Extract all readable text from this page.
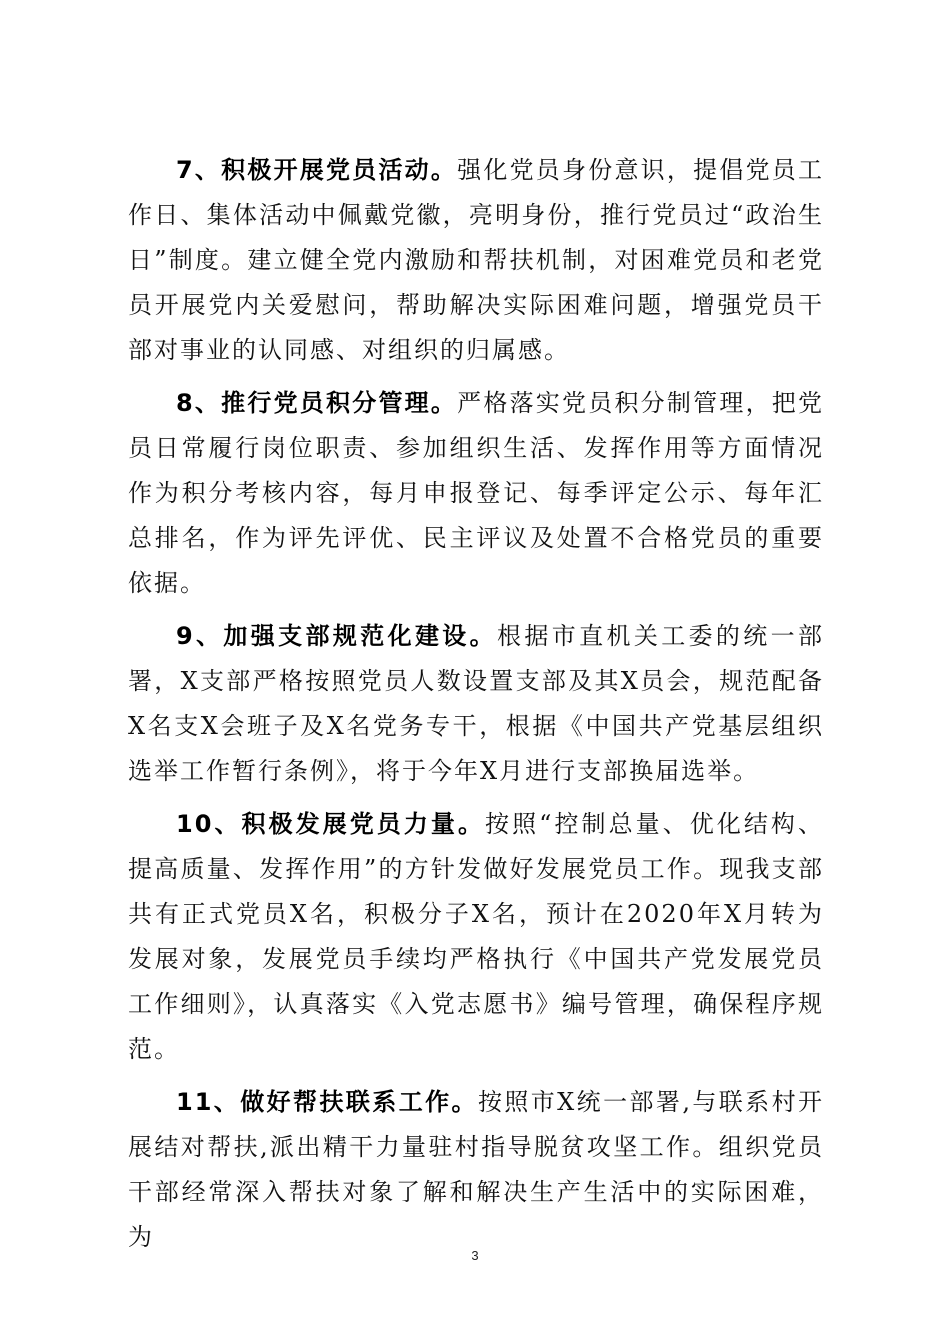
7、积极开展党员活动。强化党员身份意识，提倡党员工作日、集体活动中佩戴党徽，亮明身份，推行党员过“政治生日”制度。建立健全党内激励和帮扶机制，对困难党员和老党员开展党内关爱慰问，帮助解决实际困难问题，增强党员干部对事业的认同感、对组织的归属感。

8、推行党员积分管理。严格落实党员积分制管理，把党员日常履行岗位职责、参加组织生活、发挥作用等方面情况作为积分考核内容，每月申报登记、每季评定公示、每年汇总排名，作为评先评优、民主评议及处置不合格党员的重要依据。

9、加强支部规范化建设。根据市直机关工委的统一部署，X支部严格按照党员人数设置支部及其X员会，规范配备X名支X会班子及X名党务专干，根据《中国共产党基层组织选举工作暂行条例》，将于今年X月进行支部换届选举。

10、积极发展党员力量。按照“控制总量、优化结构、提高质量、发挥作用”的方针发做好发展党员工作。现我支部共有正式党员X名，积极分子X名，预计在2020年X月转为发展对象，发展党员手续均严格执行《中国共产党发展党员工作细则》，认真落实《入党志愿书》编号管理，确保程序规范。

11、做好帮扶联系工作。按照市X统一部署,与联系村开展结对帮扶,派出精干力量驻村指导脱贫攻坚工作。组织党员干部经常深入帮扶对象了解和解决生产生活中的实际困难，为

3
